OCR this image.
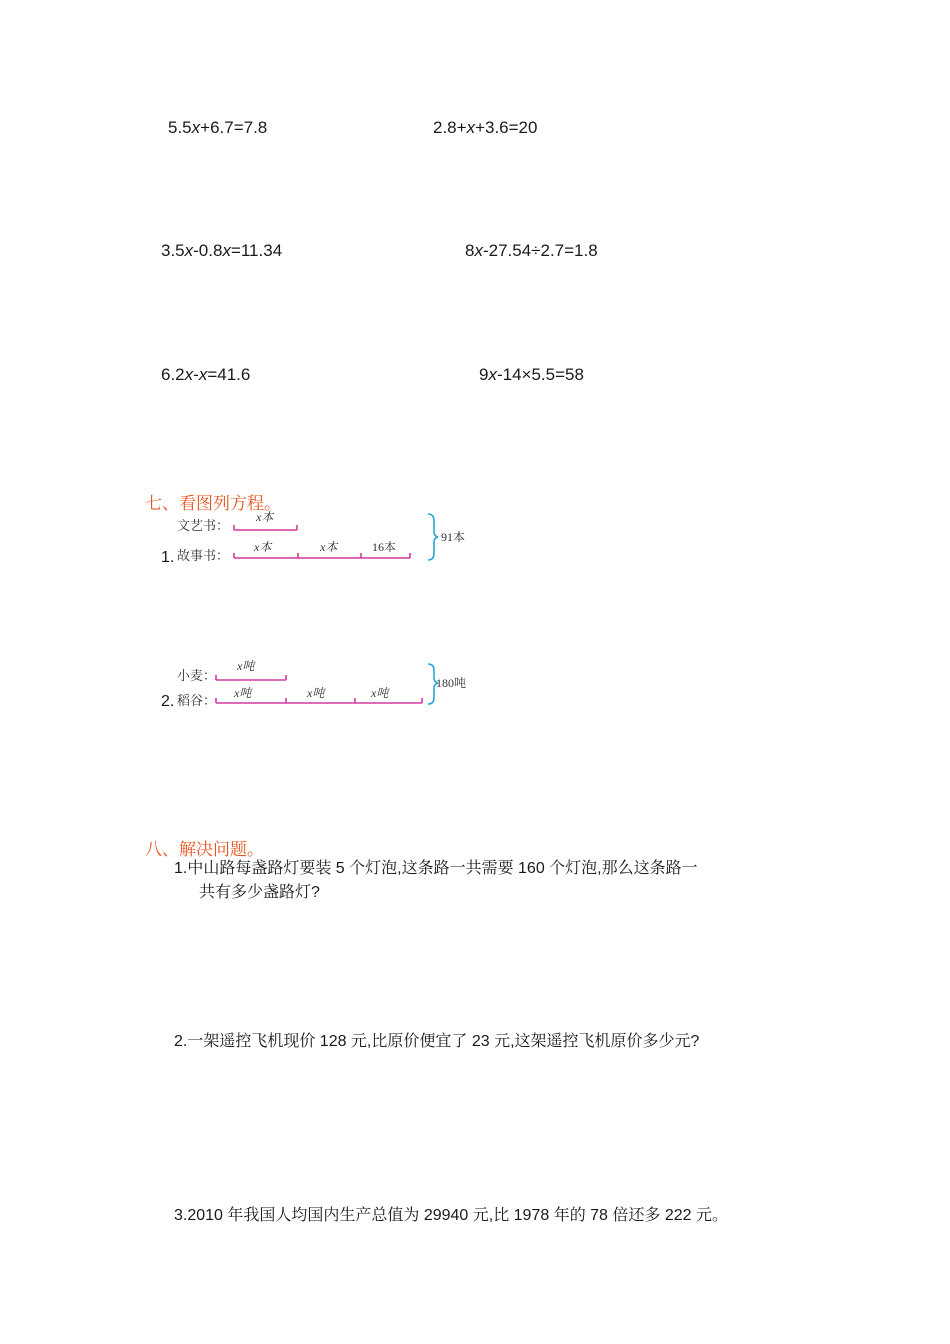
5.5x+6.7=7.8	2.8+x+3.6=20
3.5x-0.8x=11.34	8x-27.54÷2.7=1.8
6.2x-x=41.6	9x-14×5.5=58
七、看图列方程。
1.
文艺书：
故事书：
x本
x本	x本	16本
91本
2.
小麦：
稻谷：
x吨
x吨	x吨	x吨
180吨
八、解决问题。
1.中山路每盏路灯要装 5 个灯泡,这条路一共需要 160 个灯泡,那么这条路一
共有多少盏路灯?
2.一架遥控飞机现价 128 元,比原价便宜了 23 元,这架遥控飞机原价多少元?
3.2010 年我国人均国内生产总值为 29940 元,比 1978 年的 78 倍还多 222 元。
